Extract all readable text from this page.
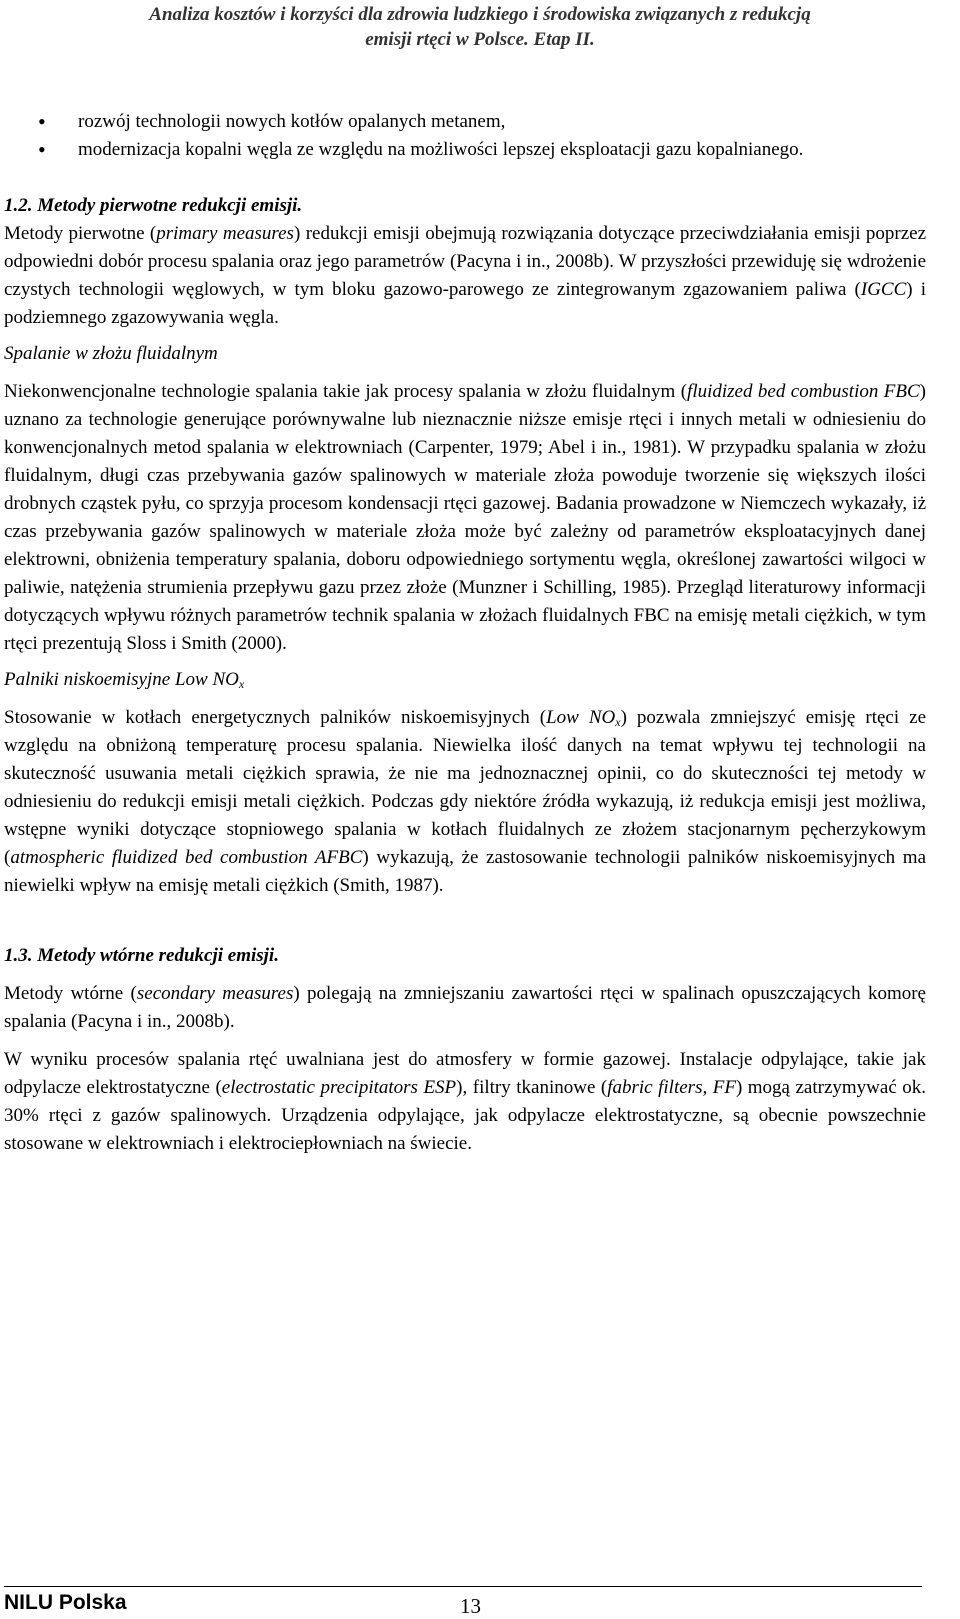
Analiza kosztów i korzyści dla zdrowia ludzkiego i środowiska związanych z redukcją
emisji rtęci w Polsce. Etap II.
• rozwój technologii nowych kotłów opalanych metanem,
• modernizacja kopalni węgla ze względu na możliwości lepszej eksploatacji gazu kopalnianego.

1.2. Metody pierwotne redukcji emisji.

Metody pierwotne (primary measures) redukcji emisji obejmują rozwiązania dotyczące przeciwdziałania emisji poprzez odpowiedni dobór procesu spalania oraz jego parametrów (Pacyna i in., 2008b). W przyszłości przewiduję się wdrożenie czystych technologii węglowych, w tym bloku gazowo-parowego ze zintegrowanym zgazowaniem paliwa (IGCC) i podziemnego zgazowywania węgla.

Spalanie w złożu fluidalnym

Niekonwencjonalne technologie spalania takie jak procesy spalania w złożu fluidalnym (fluidized bed combustion FBC) uznano za technologie generujące porównywalne lub nieznacznie niższe emisje rtęci i innych metali w odniesieniu do konwencjonalnych metod spalania w elektrowniach (Carpenter, 1979; Abel i in., 1981). W przypadku spalania w złożu fluidalnym, długi czas przebywania gazów spalinowych w materiale złoża powoduje tworzenie się większych ilości drobnych cząstek pyłu, co sprzyja procesom kondensacji rtęci gazowej. Badania prowadzone w Niemczech wykazały, iż czas przebywania gazów spalinowych w materiale złoża może być zależny od parametrów eksploatacyjnych danej elektrowni, obniżenia temperatury spalania, doboru odpowiedniego sortymentu węgla, określonej zawartości wilgoci w paliwie, natężenia strumienia przepływu gazu przez złoże (Munzner i Schilling, 1985). Przegląd literaturowy informacji dotyczących wpływu różnych parametrów technik spalania w złożach fluidalnych FBC na emisję metali ciężkich, w tym rtęci prezentują Sloss i Smith (2000).

Palniki niskoemisyjne Low $NO_x$

Stosowanie w kotłach energetycznych palników niskoemisyjnych (Low $NO_x$) pozwala zmniejszyć emisję rtęci ze względu na obniżoną temperaturę procesu spalania. Niewielka ilość danych na temat wpływu tej technologii na skuteczność usuwania metali ciężkich sprawia, że nie ma jednoznacznej opinii, co do skuteczności tej metody w odniesieniu do redukcji emisji metali ciężkich. Podczas gdy niektóre źródła wykazują, iż redukcja emisji jest możliwa, wstępne wyniki dotyczące stopniowego spalania w kotłach fluidalnych ze złożem stacjonarnym pęcherzykowym (atmospheric fluidized bed combustion AFBC) wykazują, że zastosowanie technologii palników niskoemisyjnych ma niewielki wpływ na emisję metali ciężkich (Smith, 1987).

1.3. Metody wtórne redukcji emisji.

Metody wtórne (secondary measures) polegają na zmniejszaniu zawartości rtęci w spalinach opuszczających komorę spalania (Pacyna i in., 2008b).

W wyniku procesów spalania rtęć uwalniana jest do atmosfery w formie gazowej. Instalacje odpylające, takie jak odpylacze elektrostatyczne (electrostatic precipitators ESP), filtry tkaninowe (fabric filters, FF) mogą zatrzymywać ok. 30% rtęci z gazów spalinowych. Urządzenia odpylające, jak odpylacze elektrostatyczne, są obecnie powszechnie stosowane w elektrowniach i elektrociepłowniach na świecie.

NILU Polska	13
